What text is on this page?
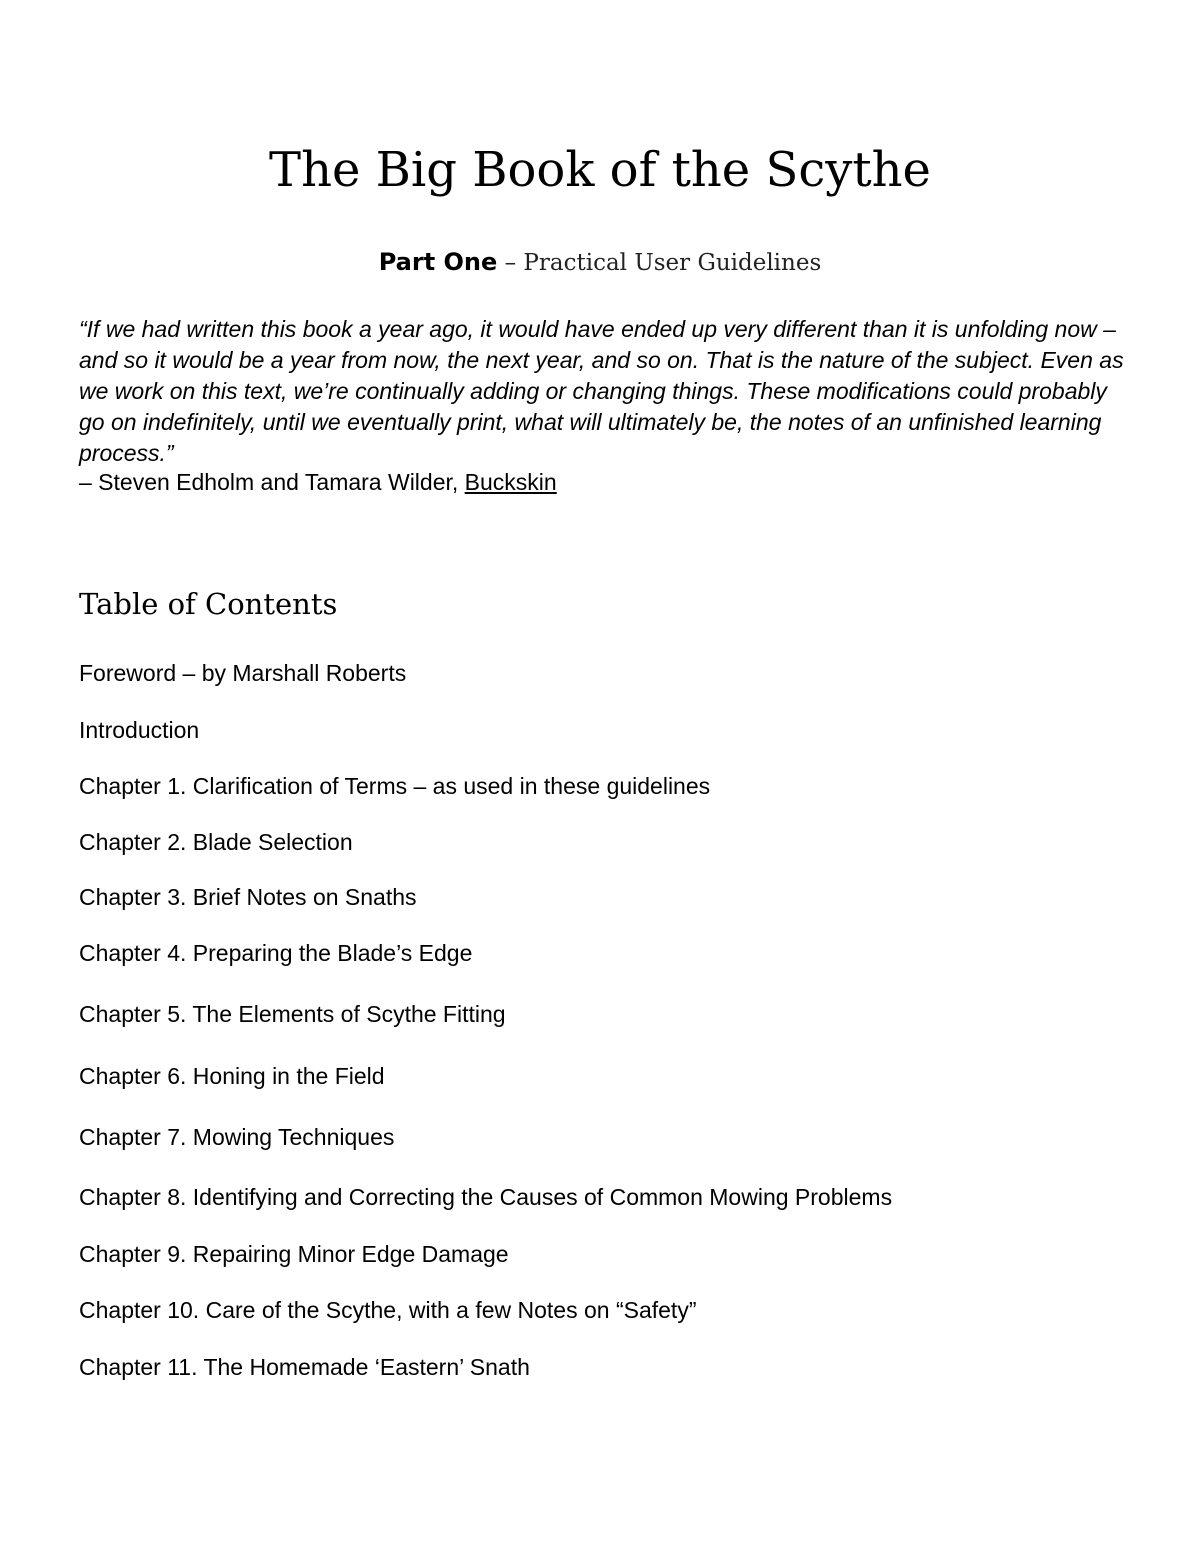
The Big Book of the Scythe

Part One – Practical User Guidelines

“If we had written this book a year ago, it would have ended up very different than it is unfolding now – and so it would be a year from now, the next year, and so on. That is the nature of the subject. Even as we work on this text, we’re continually adding or changing things. These modifications could probably go on indefinitely, until we eventually print, what will ultimately be, the notes of an unfinished learning process.”

– Steven Edholm and Tamara Wilder, Buckskin

Table of Contents

Foreword – by Marshall Roberts

Introduction

Chapter 1. Clarification of Terms – as used in these guidelines

Chapter 2. Blade Selection

Chapter 3. Brief Notes on Snaths

Chapter 4. Preparing the Blade’s Edge

Chapter 5. The Elements of Scythe Fitting

Chapter 6. Honing in the Field

Chapter 7. Mowing Techniques

Chapter 8. Identifying and Correcting the Causes of Common Mowing Problems

Chapter 9. Repairing Minor Edge Damage

Chapter 10. Care of the Scythe, with a few Notes on “Safety”

Chapter 11. The Homemade ‘Eastern’ Snath
